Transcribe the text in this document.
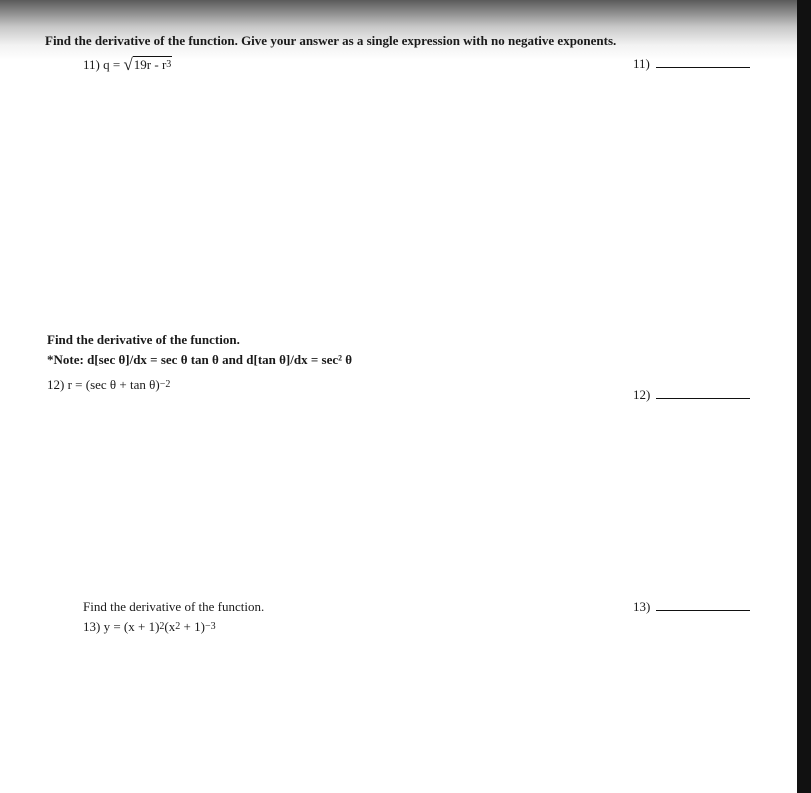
Find the derivative of the function. Give your answer as a single expression with no negative exponents.
11) $q = √19r - r^3$	11)
Find the derivative of the function.
*Note: d[sec θ]/dx = sec θ tan θ and d[tan θ]/dx = sec² θ
12) r = (sec θ + tan θ)$^{-2}$
12)
Find the derivative of the function.
13) $y = (x + 1)^2(x^2 + 1)^{-3}$
13)
